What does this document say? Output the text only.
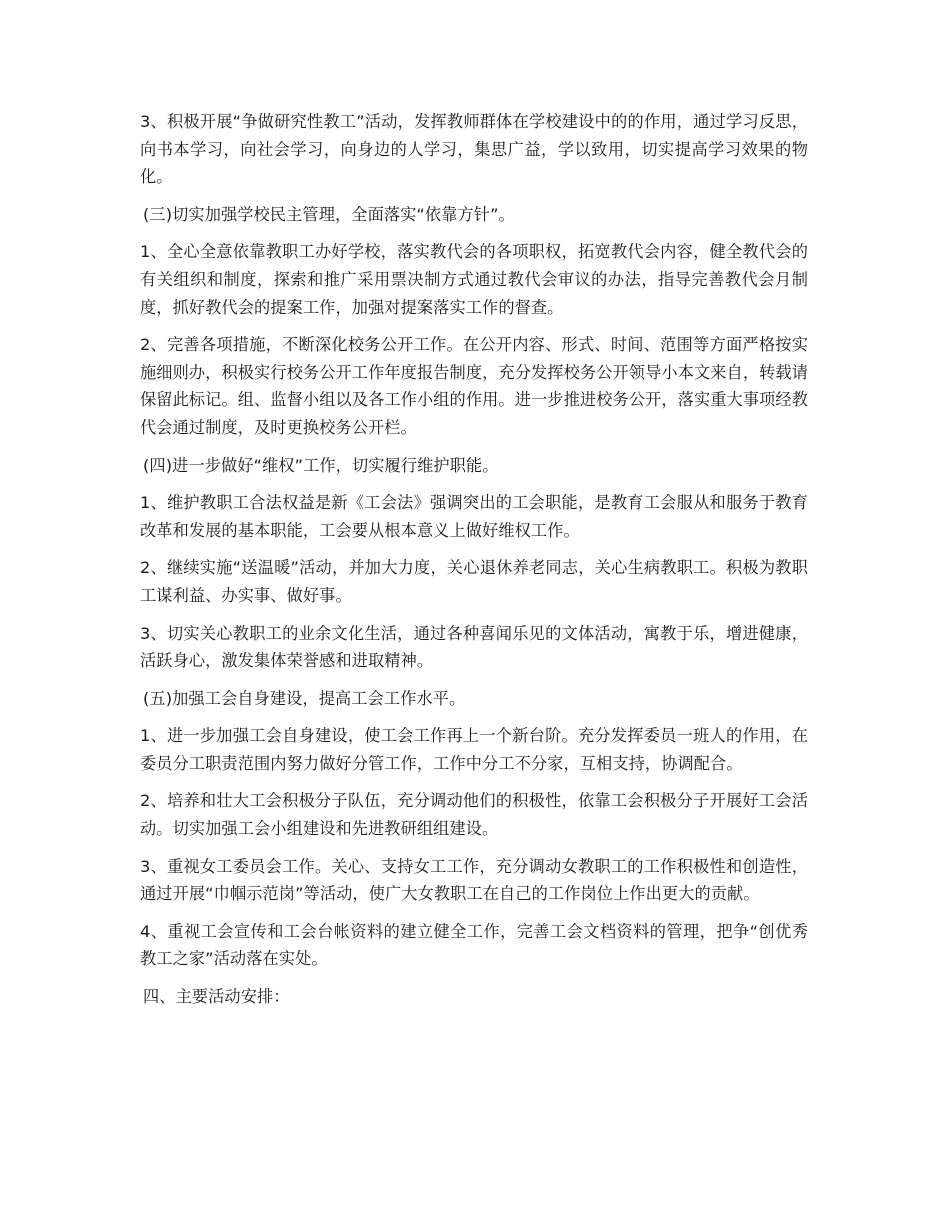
3、积极开展“争做研究性教工”活动，发挥教师群体在学校建设中的的作用，通过学习反思，向书本学习，向社会学习，向身边的人学习，集思广益，学以致用，切实提高学习效果的物化。

(三)切实加强学校民主管理，全面落实“依靠方针”。

1、全心全意依靠教职工办好学校，落实教代会的各项职权，拓宽教代会内容，健全教代会的有关组织和制度，探索和推广采用票决制方式通过教代会审议的办法，指导完善教代会月制度，抓好教代会的提案工作，加强对提案落实工作的督查。

2、完善各项措施，不断深化校务公开工作。在公开内容、形式、时间、范围等方面严格按实施细则办，积极实行校务公开工作年度报告制度，充分发挥校务公开领导小本文来自，转载请保留此标记。组、监督小组以及各工作小组的作用。进一步推进校务公开，落实重大事项经教代会通过制度，及时更换校务公开栏。

(四)进一步做好“维权”工作，切实履行维护职能。

1、维护教职工合法权益是新《工会法》强调突出的工会职能，是教育工会服从和服务于教育改革和发展的基本职能，工会要从根本意义上做好维权工作。

2、继续实施“送温暖”活动，并加大力度，关心退休养老同志，关心生病教职工。积极为教职工谋利益、办实事、做好事。

3、切实关心教职工的业余文化生活，通过各种喜闻乐见的文体活动，寓教于乐，增进健康，活跃身心，激发集体荣誉感和进取精神。

(五)加强工会自身建设，提高工会工作水平。

1、进一步加强工会自身建设，使工会工作再上一个新台阶。充分发挥委员一班人的作用，在委员分工职责范围内努力做好分管工作，工作中分工不分家，互相支持，协调配合。

2、培养和壮大工会积极分子队伍，充分调动他们的积极性，依靠工会积极分子开展好工会活动。切实加强工会小组建设和先进教研组组建设。

3、重视女工委员会工作。关心、支持女工工作，充分调动女教职工的工作积极性和创造性，通过开展“巾帼示范岗”等活动，使广大女教职工在自己的工作岗位上作出更大的贡献。

4、重视工会宣传和工会台帐资料的建立健全工作，完善工会文档资料的管理，把争“创优秀教工之家”活动落在实处。

四、主要活动安排：
